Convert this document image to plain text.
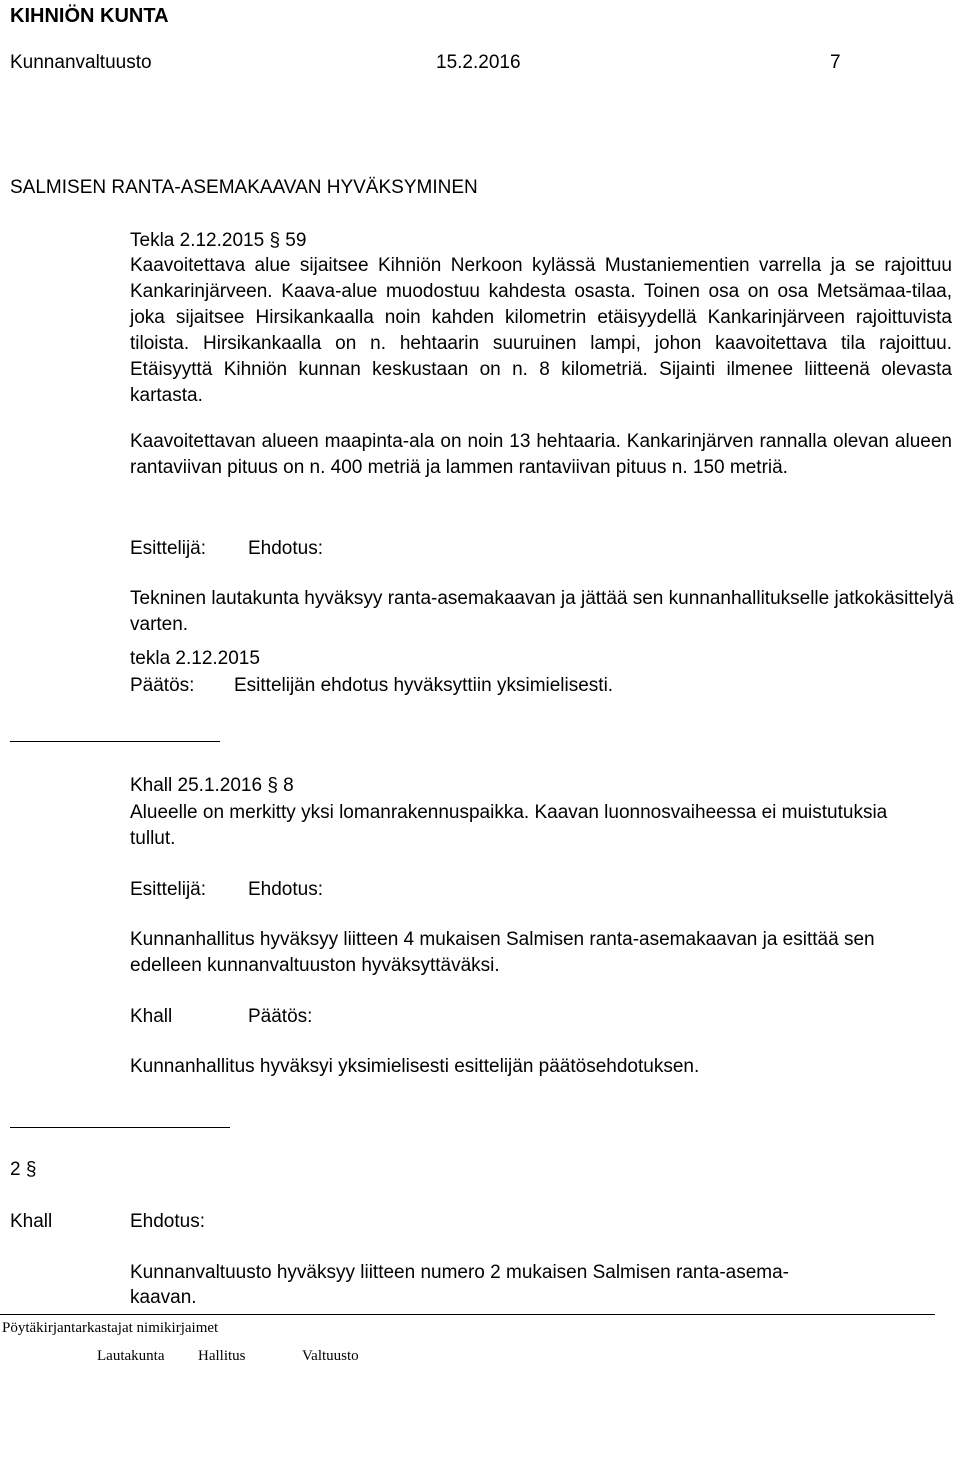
KIHNIÖN KUNTA
Kunnanvaltuusto	15.2.2016	7
SALMISEN RANTA-ASEMAKAAVAN HYVÄKSYMINEN
Tekla 2.12.2015 § 59
Kaavoitettava alue sijaitsee Kihniön Nerkoon kylässä Mustaniementien varrella ja se rajoittuu Kankarinjärveen. Kaava-alue muodostuu kahdesta osasta. Toinen osa on osa Metsämaa-tilaa, joka sijaitsee Hirsikankaalla noin kahden kilometrin etäisyydellä Kankarinjärveen rajoittuvista tiloista. Hirsikankaalla on n. hehtaarin suuruinen lampi, johon kaavoitettava tila rajoittuu. Etäisyyttä Kihniön kunnan keskustaan on n. 8 kilometriä. Sijainti ilmenee liitteenä olevasta kartasta.
Kaavoitettavan alueen maapinta-ala on noin 13 hehtaaria. Kankarinjärven rannalla olevan alueen rantaviivan pituus on n. 400 metriä ja lammen rantaviivan pituus n. 150 metriä.
Esittelijä: Ehdotus:
Tekninen lautakunta hyväksyy ranta-asemakaavan ja jättää sen kunnanhallitukselle jatkokäsittelyä varten.
tekla 2.12.2015
Päätös: Esittelijän ehdotus hyväksyttiin yksimielisesti.
Khall 25.1.2016 § 8
Alueelle on merkitty yksi lomanrakennuspaikka. Kaavan luonnosvaiheessa ei muistutuksia tullut.
Esittelijä: Ehdotus:
Kunnanhallitus hyväksyy liitteen 4 mukaisen Salmisen ranta-asemakaavan ja esittää sen edelleen kunnanvaltuuston hyväksyttäväksi.
Khall	Päätös:
Kunnanhallitus hyväksyi yksimielisesti esittelijän päätösehdotuksen.
2 §
Khall	Ehdotus:
Kunnanvaltuusto hyväksyy liitteen numero 2 mukaisen Salmisen ranta-asema-
kaavan.
Pöytäkirjantarkastajat nimikirjaimet
Lautakunta Hallitus	Valtuusto
